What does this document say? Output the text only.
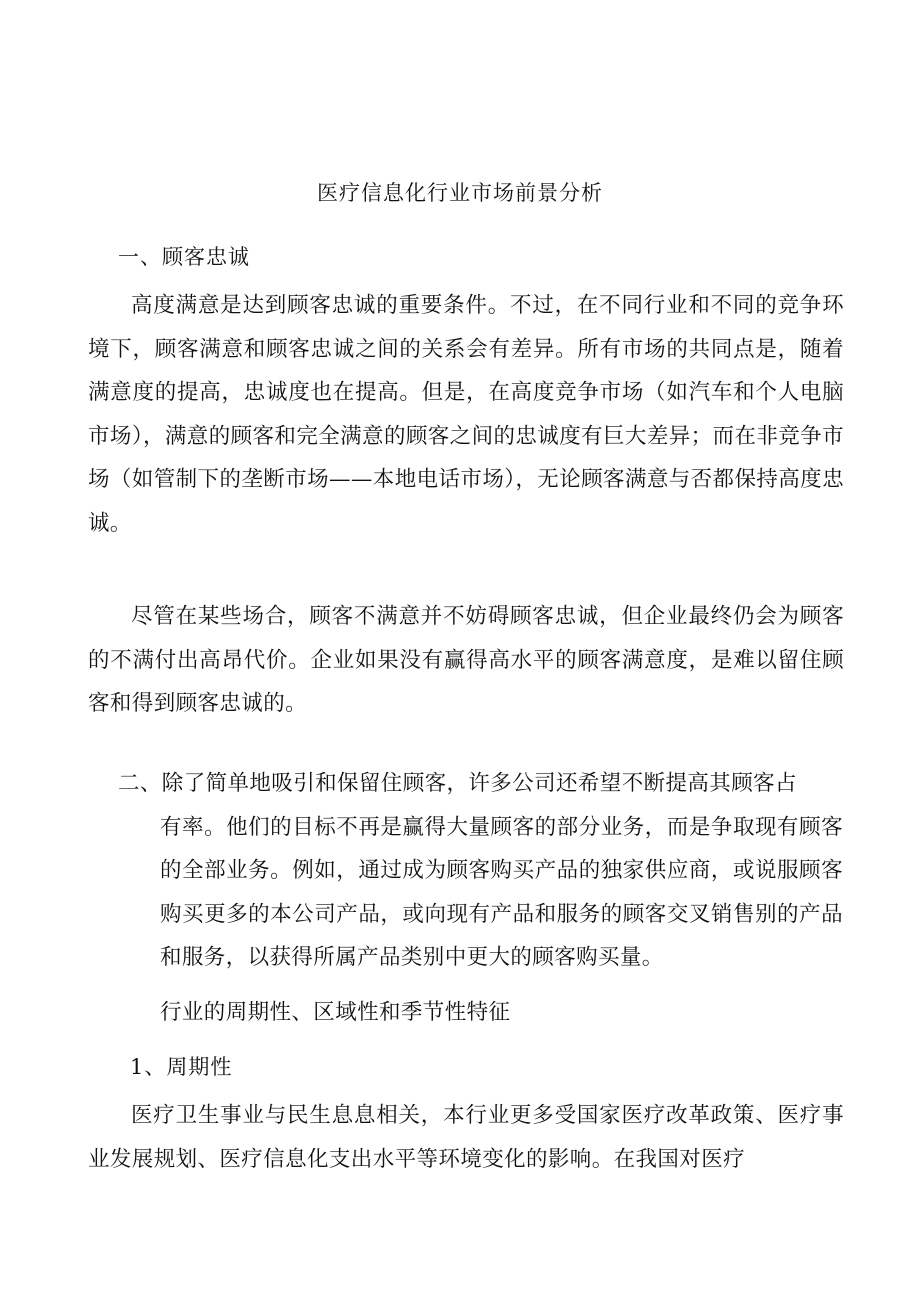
医疗信息化行业市场前景分析
一、顾客忠诚
高度满意是达到顾客忠诚的重要条件。不过，在不同行业和不同的竞争环境下，顾客满意和顾客忠诚之间的关系会有差异。所有市场的共同点是，随着满意度的提高，忠诚度也在提高。但是，在高度竞争市场（如汽车和个人电脑市场），满意的顾客和完全满意的顾客之间的忠诚度有巨大差异；而在非竞争市场（如管制下的垄断市场——本地电话市场），无论顾客满意与否都保持高度忠诚。
尽管在某些场合，顾客不满意并不妨碍顾客忠诚，但企业最终仍会为顾客的不满付出高昂代价。企业如果没有赢得高水平的顾客满意度，是难以留住顾客和得到顾客忠诚的。
二、除了简单地吸引和保留住顾客，许多公司还希望不断提高其顾客占
有率。他们的目标不再是赢得大量顾客的部分业务，而是争取现有顾客的全部业务。例如，通过成为顾客购买产品的独家供应商，或说服顾客购买更多的本公司产品，或向现有产品和服务的顾客交叉销售别的产品和服务，以获得所属产品类别中更大的顾客购买量。
行业的周期性、区域性和季节性特征
1、周期性
医疗卫生事业与民生息息相关，本行业更多受国家医疗改革政策、医疗事业发展规划、医疗信息化支出水平等环境变化的影响。在我国对医疗
